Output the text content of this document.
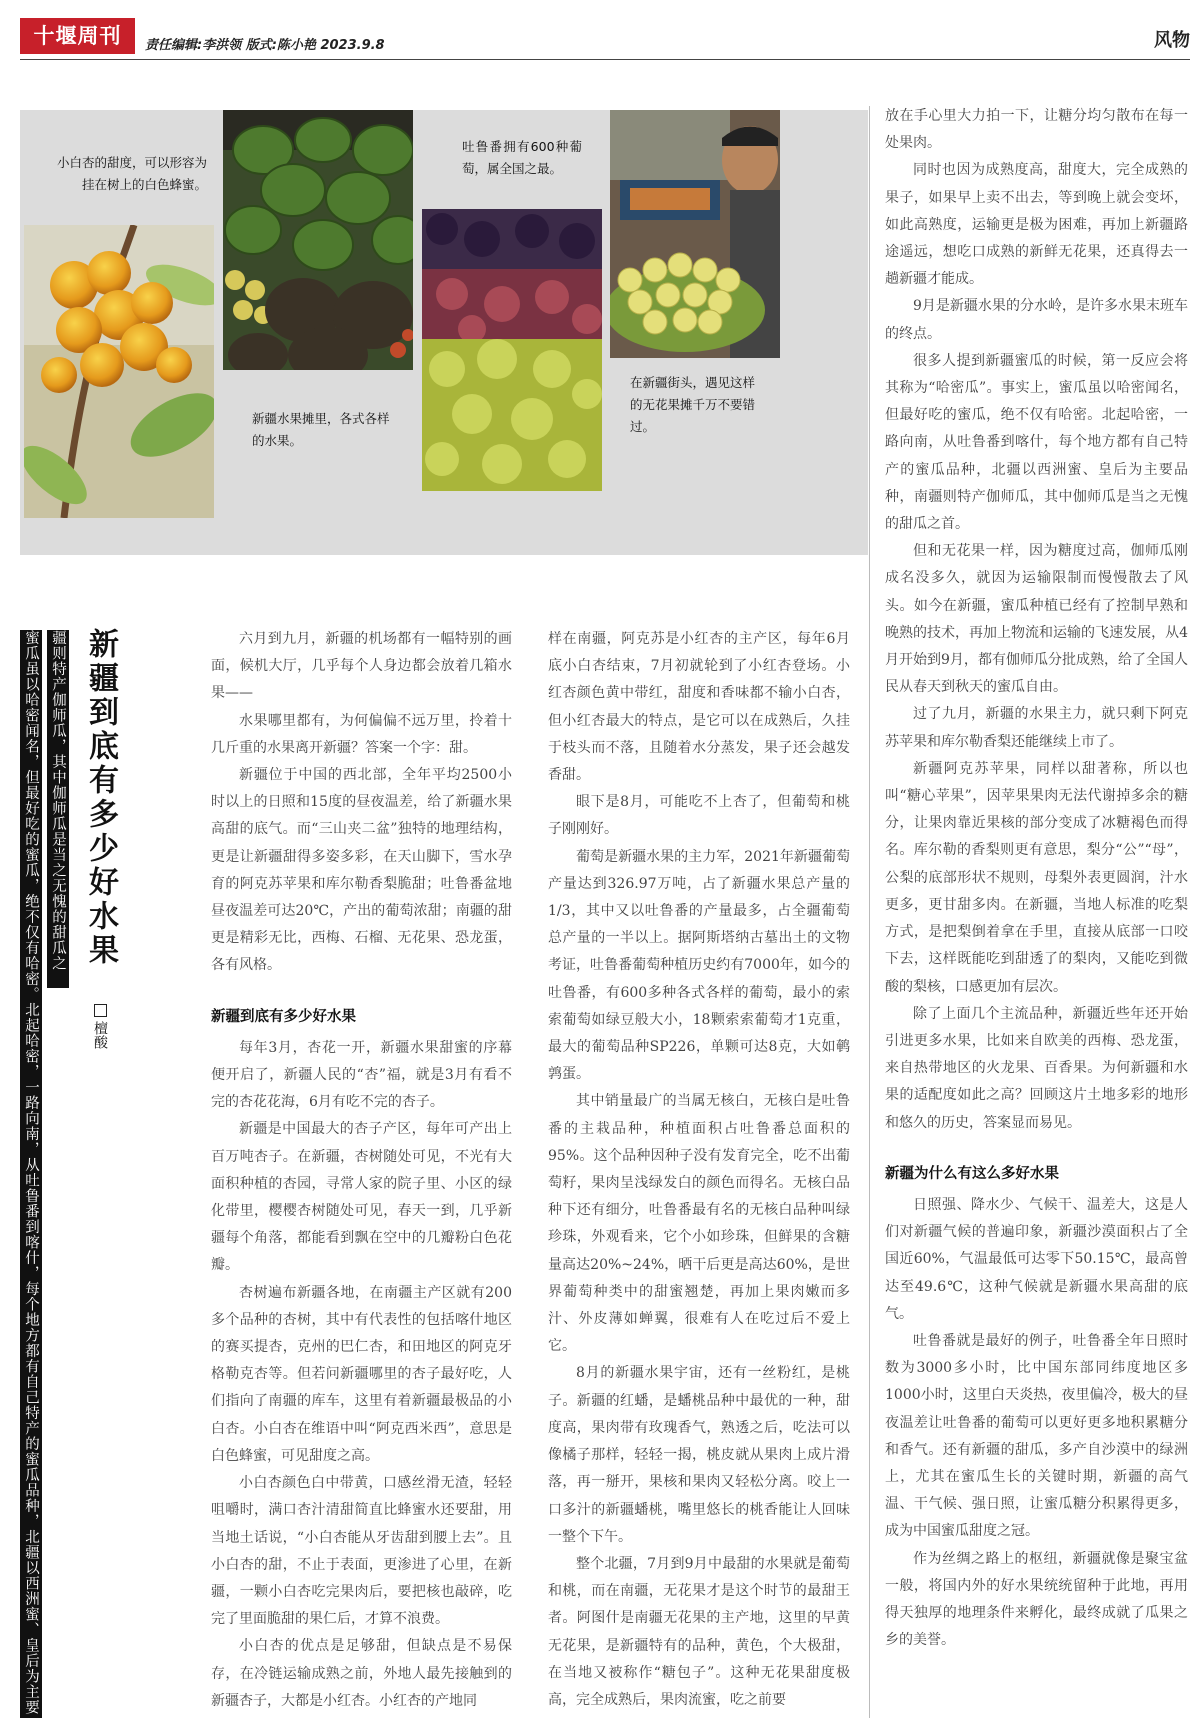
十堰周刊	责任编辑:李洪领 版式:陈小艳 2023.9.8	风物
小白杏的甜度，可以形容为挂在树上的白色蜂蜜。
新疆水果摊里，各式各样的水果。
吐鲁番拥有600种葡萄，属全国之最。
在新疆街头，遇见这样的无花果摊千万不要错过。
蜜瓜虽以哈密闻名，但最好吃的蜜瓜，绝不仅有哈密。北起哈密，一路向南，从吐鲁番到喀什，每个地方都有自己特产的蜜瓜品种，北疆以西洲蜜、皇后为主要
疆则特产伽师瓜，其中伽师瓜是当之无愧的甜瓜之 新疆到底有多少好水果
檀酸

六月到九月，新疆的机场都有一幅特别的画面，候机大厅，几乎每个人身边都会放着几箱水果——

水果哪里都有，为何偏偏不远万里，拎着十几斤重的水果离开新疆？答案一个字：甜。

新疆位于中国的西北部，全年平均2500小时以上的日照和15度的昼夜温差，给了新疆水果高甜的底气。而“三山夹二盆”独特的地理结构，更是让新疆甜得多姿多彩，在天山脚下，雪水孕育的阿克苏苹果和库尔勒香梨脆甜；吐鲁番盆地昼夜温差可达20℃，产出的葡萄浓甜；南疆的甜更是精彩无比，西梅、石榴、无花果、恐龙蛋，各有风格。

新疆到底有多少好水果

每年3月，杏花一开，新疆水果甜蜜的序幕便开启了，新疆人民的“杏”福，就是3月有看不完的杏花花海，6月有吃不完的杏子。

新疆是中国最大的杏子产区，每年可产出上百万吨杏子。在新疆，杏树随处可见，不光有大面积种植的杏园，寻常人家的院子里、小区的绿化带里，樱樱杏树随处可见，春天一到，几乎新疆每个角落，都能看到飘在空中的几瓣粉白色花瓣。

杏树遍布新疆各地，在南疆主产区就有200多个品种的杏树，其中有代表性的包括喀什地区的赛买提杏，克州的巴仁杏，和田地区的阿克牙格勒克杏等。但若问新疆哪里的杏子最好吃，人们指向了南疆的库车，这里有着新疆最极品的小白杏。小白杏在维语中叫“阿克西米西”，意思是白色蜂蜜，可见甜度之高。

小白杏颜色白中带黄，口感丝滑无渣，轻轻咀嚼时，满口杏汁清甜简直比蜂蜜水还要甜，用当地土话说，“小白杏能从牙齿甜到腰上去”。且小白杏的甜，不止于表面，更渗进了心里，在新疆，一颗小白杏吃完果肉后，要把核也敲碎，吃完了里面脆甜的果仁后，才算不浪费。

小白杏的优点是足够甜，但缺点是不易保存，在冷链运输成熟之前，外地人最先接触到的新疆杏子，大都是小红杏。小红杏的产地同

样在南疆，阿克苏是小红杏的主产区，每年6月底小白杏结束，7月初就轮到了小红杏登场。小红杏颜色黄中带红，甜度和香味都不输小白杏，但小红杏最大的特点，是它可以在成熟后，久挂于枝头而不落，且随着水分蒸发，果子还会越发香甜。

眼下是8月，可能吃不上杏了，但葡萄和桃子刚刚好。

葡萄是新疆水果的主力军，2021年新疆葡萄产量达到326.97万吨，占了新疆水果总产量的1/3，其中又以吐鲁番的产量最多，占全疆葡萄总产量的一半以上。据阿斯塔纳古墓出土的文物考证，吐鲁番葡萄种植历史约有7000年，如今的吐鲁番，有600多种各式各样的葡萄，最小的索索葡萄如绿豆般大小，18颗索索葡萄才1克重，最大的葡萄品种SP226，单颗可达8克，大如鹌鹑蛋。

其中销量最广的当属无核白，无核白是吐鲁番的主栽品种，种植面积占吐鲁番总面积的95%。这个品种因种子没有发育完全，吃不出葡萄籽，果肉呈浅绿发白的颜色而得名。无核白品种下还有细分，吐鲁番最有名的无核白品种叫绿珍珠，外观看来，它个小如珍珠，但鲜果的含糖量高达20%~24%，晒干后更是高达60%，是世界葡萄种类中的甜蜜翘楚，再加上果肉嫩而多汁、外皮薄如蝉翼，很难有人在吃过后不爱上它。

8月的新疆水果宇宙，还有一丝粉红，是桃子。新疆的红蟠，是蟠桃品种中最优的一种，甜度高，果肉带有玫瑰香气，熟透之后，吃法可以像橘子那样，轻轻一揭，桃皮就从果肉上成片滑落，再一掰开，果核和果肉又轻松分离。咬上一口多汁的新疆蟠桃，嘴里悠长的桃香能让人回味一整个下午。

整个北疆，7月到9月中最甜的水果就是葡萄和桃，而在南疆，无花果才是这个时节的最甜王者。阿图什是南疆无花果的主产地，这里的早黄无花果，是新疆特有的品种，黄色，个大极甜，在当地又被称作“糖包子”。这种无花果甜度极高，完全成熟后，果肉流蜜，吃之前要

放在手心里大力拍一下，让糖分均匀散布在每一处果肉。

同时也因为成熟度高，甜度大，完全成熟的果子，如果早上卖不出去，等到晚上就会变坏，如此高熟度，运输更是极为困难，再加上新疆路途遥远，想吃口成熟的新鲜无花果，还真得去一趟新疆才能成。

9月是新疆水果的分水岭，是许多水果末班车的终点。

很多人提到新疆蜜瓜的时候，第一反应会将其称为“哈密瓜”。事实上，蜜瓜虽以哈密闻名，但最好吃的蜜瓜，绝不仅有哈密。北起哈密，一路向南，从吐鲁番到喀什，每个地方都有自己特产的蜜瓜品种，北疆以西洲蜜、皇后为主要品种，南疆则特产伽师瓜，其中伽师瓜是当之无愧的甜瓜之首。

但和无花果一样，因为糖度过高，伽师瓜刚成名没多久，就因为运输限制而慢慢散去了风头。如今在新疆，蜜瓜种植已经有了控制早熟和晚熟的技术，再加上物流和运输的飞速发展，从4月开始到9月，都有伽师瓜分批成熟，给了全国人民从春天到秋天的蜜瓜自由。

过了九月，新疆的水果主力，就只剩下阿克苏苹果和库尔勒香梨还能继续上市了。

新疆阿克苏苹果，同样以甜著称，所以也叫“糖心苹果”，因苹果果肉无法代谢掉多余的糖分，让果肉靠近果核的部分变成了冰糖褐色而得名。库尔勒的香梨则更有意思，梨分“公”“母”，公梨的底部形状不规则，母梨外表更圆润，汁水更多，更甘甜多肉。在新疆，当地人标准的吃梨方式，是把梨倒着拿在手里，直接从底部一口咬下去，这样既能吃到甜透了的梨肉，又能吃到微酸的梨核，口感更加有层次。

除了上面几个主流品种，新疆近些年还开始引进更多水果，比如来自欧美的西梅、恐龙蛋，来自热带地区的火龙果、百香果。为何新疆和水果的适配度如此之高？回顾这片土地多彩的地形和悠久的历史，答案显而易见。

新疆为什么有这么多好水果

日照强、降水少、气候干、温差大，这是人们对新疆气候的普遍印象，新疆沙漠面积占了全国近60%，气温最低可达零下50.15℃，最高曾达至49.6℃，这种气候就是新疆水果高甜的底气。

吐鲁番就是最好的例子，吐鲁番全年日照时数为3000多小时，比中国东部同纬度地区多1000小时，这里白天炎热，夜里偏冷，极大的昼夜温差让吐鲁番的葡萄可以更好更多地积累糖分和香气。还有新疆的甜瓜，多产自沙漠中的绿洲上，尤其在蜜瓜生长的关键时期，新疆的高气温、干气候、强日照，让蜜瓜糖分积累得更多，成为中国蜜瓜甜度之冠。

作为丝绸之路上的枢纽，新疆就像是聚宝盆一般，将国内外的好水果统统留种于此地，再用得天独厚的地理条件来孵化，最终成就了瓜果之乡的美誉。
